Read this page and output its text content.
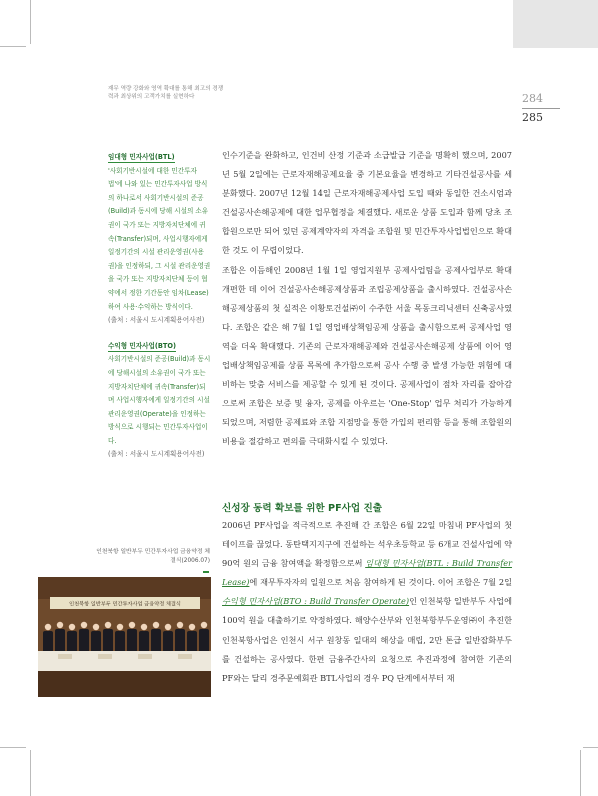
재무 역량 강화와 영역 확대를 통해 최고의 경쟁력과 최상위의 고객가치를 실현하다	284
285
임대형 민자사업(BTL)
'사회기반시설에 대한 민간투자법'에 나와 있는 민간투자사업 방식의 하나로서 사회기반시설의 준공(Build)과 동시에 당해 시설의 소유권이 국가 또는 지방자치단체에 귀속(Transfer)되며, 사업시행자에게 일정기간의 시설 관리운영권(사용권)을 인정하되, 그 시설 관리운영권을 국가 또는 지방자치단체 등이 협약에서 정한 기간동안 임차(Lease)하여 사용·수익하는 방식이다.
(출처 : 서울시 도시계획용어사전)
수익형 민자사업(BTO)
사회기반시설의 준공(Build)과 동시에 당해시설의 소유권이 국가 또는 지방자치단체에 귀속(Transfer)되며 사업시행자에게 일정기간의 시설관리운영권(Operate)을 인정하는 방식으로 시행되는 민간투자사업이다.
(출처 : 서울시 도시계획용어사전)

인수기준을 완화하고, 인건비 산정 기준과 소급발급 기준을 명확히 했으며, 2007년 5월 2일에는 근로자재해공제요율 중 기본요율을 변경하고 기타건설공사를 세분화했다. 2007년 12월 14일 근로자재해공제사업 도입 때와 동일한 건소시엄과 건설공사손해공제에 대한 업무협정을 체결했다. 새로운 상품 도입과 함께 당초 조합원으로만 되어 있던 공제계약자의 자격을 조합원 및 민간투자사업법인으로 확대한 것도 이 무렵이었다.

조합은 이듬해인 2008년 1월 1일 영업지원부 공제사업팀을 공제사업부로 확대 개편한 데 이어 건설공사손해공제상품과 조립공제상품을 출시하였다. 건설공사손해공제상품의 첫 실적은 이황토건설㈜이 수주한 서울 목동크리닉센터 신축공사였다. 조합은 같은 해 7월 1일 영업배상책임공제 상품을 출시함으로써 공제사업 영역을 더욱 확대했다. 기존의 근로자재해공제와 건설공사손해공제 상품에 이어 영업배상책임공제를 상품 목록에 추가함으로써 공사 수행 중 발생 가능한 위험에 대비하는 맞춤 서비스를 제공할 수 있게 된 것이다. 공제사업이 점차 자리를 잡아감으로써 조합은 보증 및 융자, 공제를 아우르는 'One-Stop' 업무 처리가 가능하게 되었으며, 저렴한 공제료와 조합 지점망을 통한 가입의 편리함 등을 통해 조합원의 비용을 절감하고 편의를 극대화시킬 수 있었다.

신성장 동력 확보를 위한 PF사업 진출

2006년 PF사업을 적극적으로 추진해 간 조합은 6월 22일 마침내 PF사업의 첫 테이프를 끊었다. 동탄택지지구에 건설하는 석우초등학교 등 6개교 건설사업에 약 90억 원의 금융 참여액을 확정함으로써 임대형 민자사업(BTL : Build Transfer Lease)에 재무투자자의 일원으로 처음 참여하게 된 것이다. 이어 조합은 7월 2일 수익형 민자사업(BTO : Build Transfer Operate)인 인천북항 일반부두 사업에 100억 원을 대출하기로 약정하였다. 해양수산부와 인천북항부두운영㈜이 추진한 인천북항사업은 인천시 서구 원창동 일대의 해상을 매립, 2만 톤급 일반잡화부두를 건설하는 공사였다. 한편 금융주간사의 요청으로 추진과정에 참여한 기존의 PF와는 달리 경주문예회관 BTL사업의 경우 PQ 단계에서부터 재

인천북항 일반부두 민간투자사업 금융약정 체결식(2006.07)
인천북항 일반부두 민간투자사업 금융약정 체결식
